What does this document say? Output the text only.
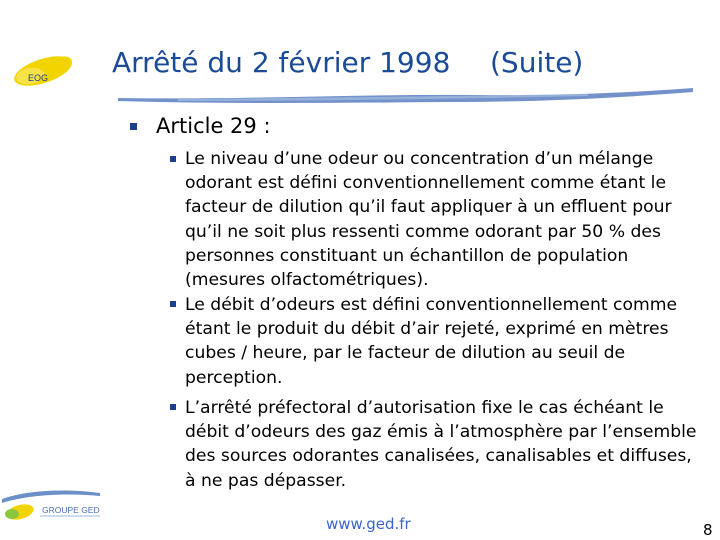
EOG Arrêté du 2 février 1998 (Suite)
Article 29 :
Le niveau d’une odeur ou concentration d’un mélange odorant est défini conventionnellement comme étant le facteur de dilution qu’il faut appliquer à un effluent pour qu’il ne soit plus ressenti comme odorant par 50 % des personnes constituant un échantillon de population (mesures olfactométriques).
Le débit d’odeurs est défini conventionnellement comme étant le produit du débit d’air rejeté, exprimé en mètres cubes / heure, par le facteur de dilution au seuil de perception.
L’arrêté préfectoral d’autorisation fixe le cas échéant le débit d’odeurs des gaz émis à l’atmosphère par l’ensemble des sources odorantes canalisées, canalisables et diffuses, à ne pas dépasser.
GROUPE GED
www.ged.fr	8
